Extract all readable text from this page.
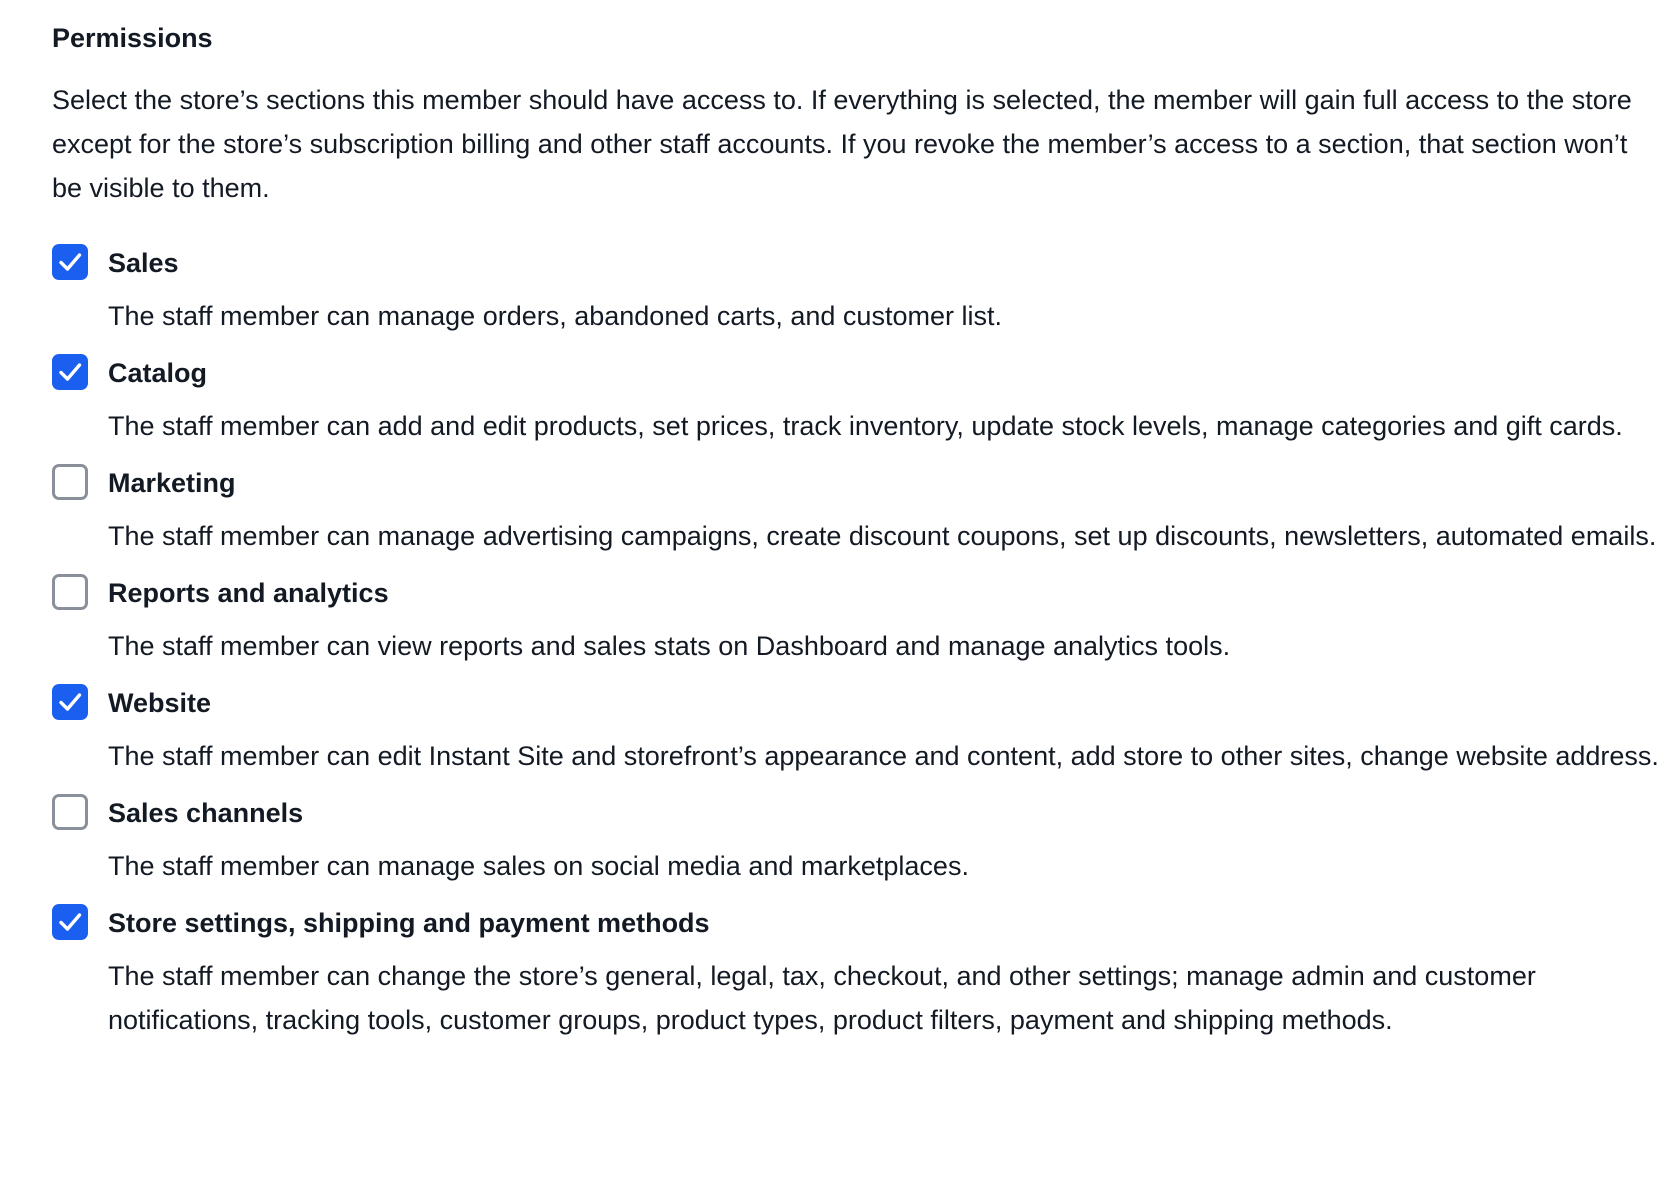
Permissions

Select the store’s sections this member should have access to. If everything is selected, the member will gain full access to the store except for the store’s subscription billing and other staff accounts. If you revoke the member’s access to a section, that section won’t be visible to them.

Sales

The staff member can manage orders, abandoned carts, and customer list.

Catalog

The staff member can add and edit products, set prices, track inventory, update stock levels, manage categories and gift cards.

Marketing

The staff member can manage advertising campaigns, create discount coupons, set up discounts, newsletters, automated emails.

Reports and analytics

The staff member can view reports and sales stats on Dashboard and manage analytics tools.

Website

The staff member can edit Instant Site and storefront’s appearance and content, add store to other sites, change website address.

Sales channels

The staff member can manage sales on social media and marketplaces.

Store settings, shipping and payment methods

The staff member can change the store’s general, legal, tax, checkout, and other settings; manage admin and customer notifications, tracking tools, customer groups, product types, product filters, payment and shipping methods.
